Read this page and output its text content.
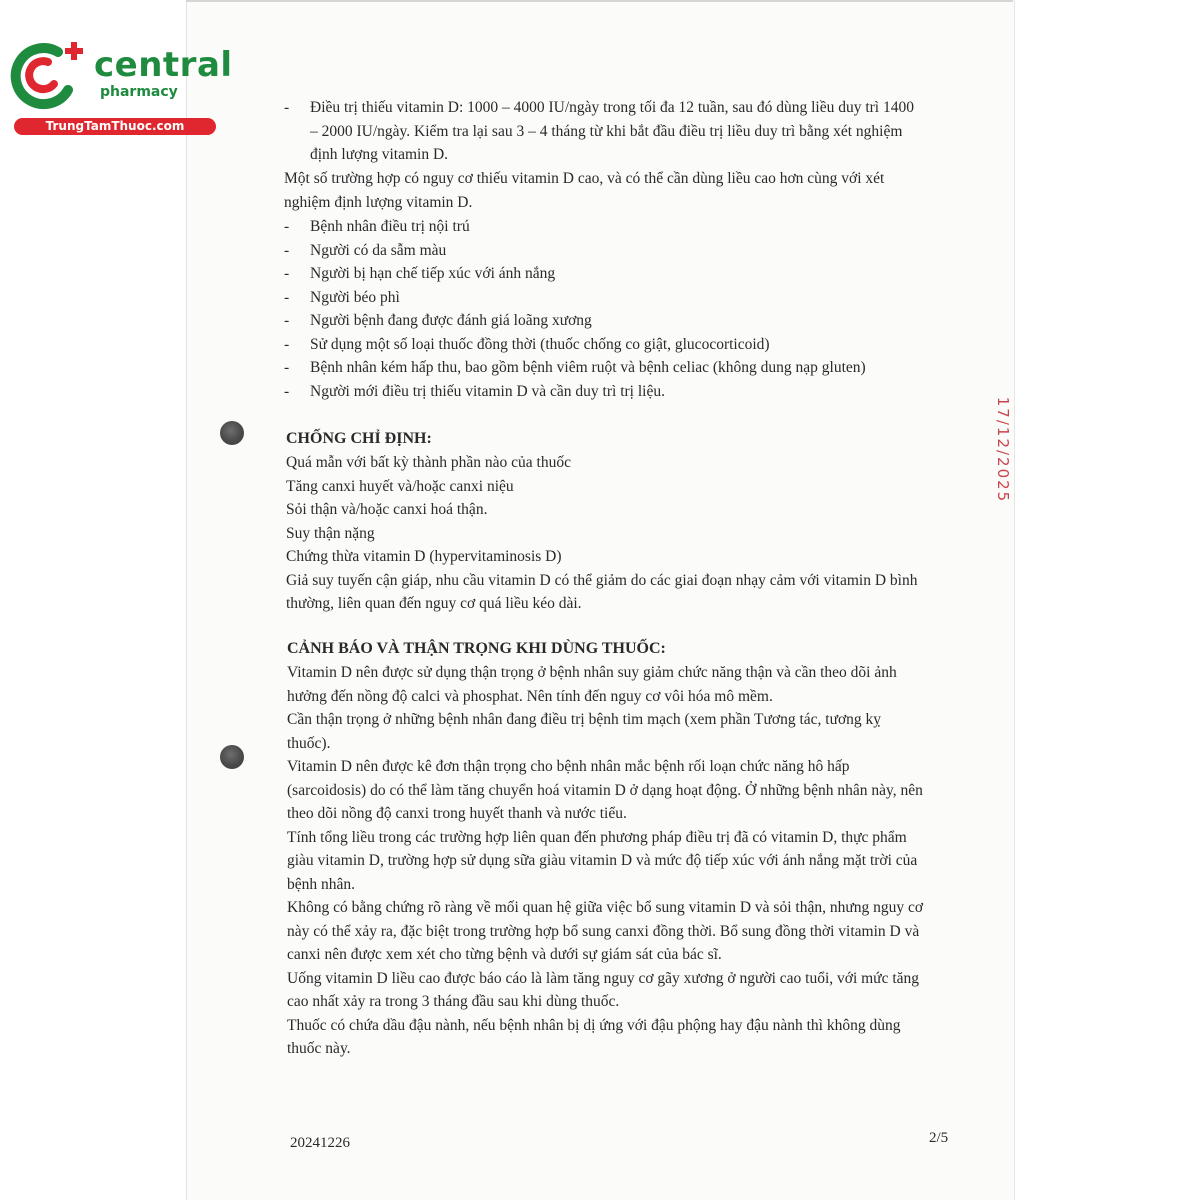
central
pharmacy
TrungTamThuoc.com
17/12/2025
- Điều trị thiếu vitamin D: 1000 – 4000 IU/ngày trong tối đa 12 tuần, sau đó dùng liều duy trì 1400 – 2000 IU/ngày. Kiểm tra lại sau 3 – 4 tháng từ khi bắt đầu điều trị liều duy trì bằng xét nghiệm định lượng vitamin D.

Một số trường hợp có nguy cơ thiếu vitamin D cao, và có thể cần dùng liều cao hơn cùng với xét nghiệm định lượng vitamin D.

- Bệnh nhân điều trị nội trú
- Người có da sẫm màu
- Người bị hạn chế tiếp xúc với ánh nắng
- Người béo phì
- Người bệnh đang được đánh giá loãng xương
- Sử dụng một số loại thuốc đồng thời (thuốc chống co giật, glucocorticoid)
- Bệnh nhân kém hấp thu, bao gồm bệnh viêm ruột và bệnh celiac (không dung nạp gluten)
- Người mới điều trị thiếu vitamin D và cần duy trì trị liệu.
CHỐNG CHỈ ĐỊNH:
Quá mẫn với bất kỳ thành phần nào của thuốc
Tăng canxi huyết và/hoặc canxi niệu
Sỏi thận và/hoặc canxi hoá thận.
Suy thận nặng
Chứng thừa vitamin D (hypervitaminosis D)
Giả suy tuyến cận giáp, nhu cầu vitamin D có thể giảm do các giai đoạn nhạy cảm với vitamin D bình thường, liên quan đến nguy cơ quá liều kéo dài.
CẢNH BÁO VÀ THẬN TRỌNG KHI DÙNG THUỐC:
Vitamin D nên được sử dụng thận trọng ở bệnh nhân suy giảm chức năng thận và cần theo dõi ảnh hưởng đến nồng độ calci và phosphat. Nên tính đến nguy cơ vôi hóa mô mềm.
Cần thận trọng ở những bệnh nhân đang điều trị bệnh tim mạch (xem phần Tương tác, tương kỵ thuốc).
Vitamin D nên được kê đơn thận trọng cho bệnh nhân mắc bệnh rối loạn chức năng hô hấp (sarcoidosis) do có thể làm tăng chuyển hoá vitamin D ở dạng hoạt động. Ở những bệnh nhân này, nên theo dõi nồng độ canxi trong huyết thanh và nước tiểu.
Tính tổng liều trong các trường hợp liên quan đến phương pháp điều trị đã có vitamin D, thực phẩm giàu vitamin D, trường hợp sử dụng sữa giàu vitamin D và mức độ tiếp xúc với ánh nắng mặt trời của bệnh nhân.
Không có bằng chứng rõ ràng về mối quan hệ giữa việc bổ sung vitamin D và sỏi thận, nhưng nguy cơ này có thể xảy ra, đặc biệt trong trường hợp bổ sung canxi đồng thời. Bổ sung đồng thời vitamin D và canxi nên được xem xét cho từng bệnh và dưới sự giám sát của bác sĩ.
Uống vitamin D liều cao được báo cáo là làm tăng nguy cơ gãy xương ở người cao tuổi, với mức tăng cao nhất xảy ra trong 3 tháng đầu sau khi dùng thuốc.
Thuốc có chứa dầu đậu nành, nếu bệnh nhân bị dị ứng với đậu phộng hay đậu nành thì không dùng thuốc này.
20241226	2/5
